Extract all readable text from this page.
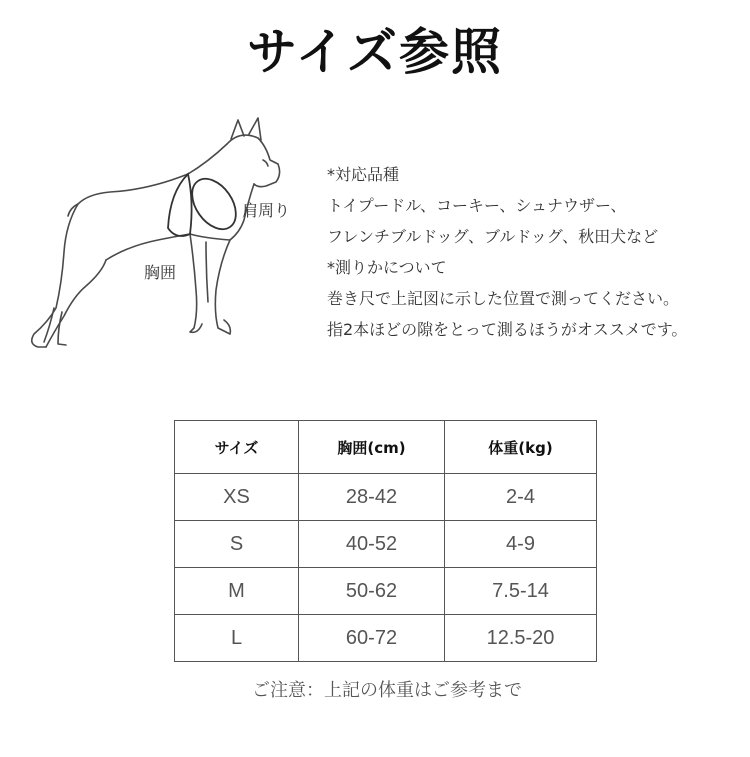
サイズ参照
肩周り
胸囲
*対応品種
トイプードル、コーキー、シュナウザー、
フレンチブルドッグ、ブルドッグ、秋田犬など
*測りかについて
巻き尺で上記図に示した位置で測ってください。
指2本ほどの隙をとって測るほうがオススメです。
サイズ	胸囲(cm)	体重(kg)
XS	28-42	2-4
S	40-52	4-9
M	50-62	7.5-14
L	60-72	12.5-20
ご注意：上記の体重はご参考まで
